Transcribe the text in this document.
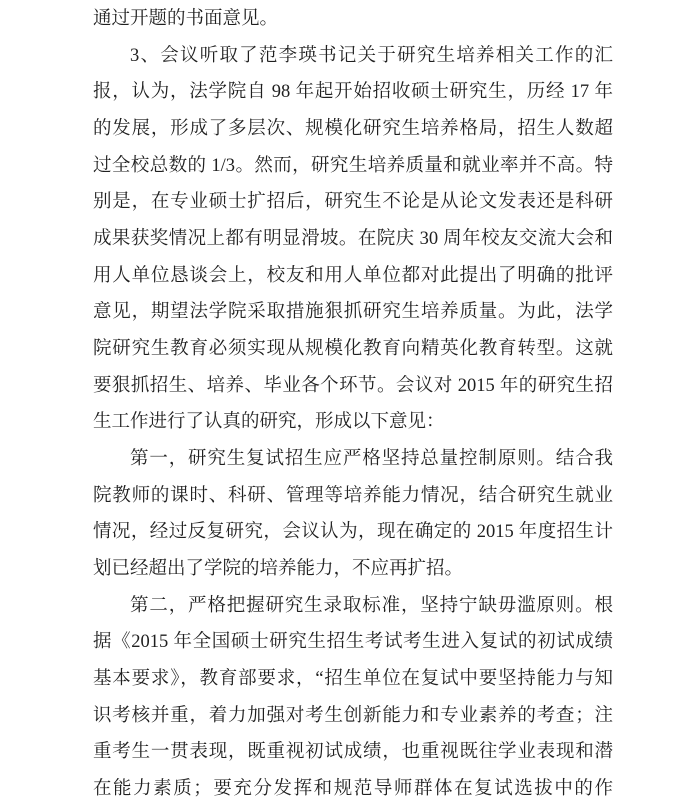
通过开题的书面意见。
3、会议听取了范李瑛书记关于研究生培养相关工作的汇
报，认为，法学院自 98 年起开始招收硕士研究生，历经 17 年
的发展，形成了多层次、规模化研究生培养格局，招生人数超
过全校总数的 1/3。然而，研究生培养质量和就业率并不高。特
别是，在专业硕士扩招后，研究生不论是从论文发表还是科研
成果获奖情况上都有明显滑坡。在院庆 30 周年校友交流大会和
用人单位恳谈会上，校友和用人单位都对此提出了明确的批评
意见，期望法学院采取措施狠抓研究生培养质量。为此，法学
院研究生教育必须实现从规模化教育向精英化教育转型。这就
要狠抓招生、培养、毕业各个环节。会议对 2015 年的研究生招
生工作进行了认真的研究，形成以下意见：
第一，研究生复试招生应严格坚持总量控制原则。结合我
院教师的课时、科研、管理等培养能力情况，结合研究生就业
情况，经过反复研究，会议认为，现在确定的 2015 年度招生计
划已经超出了学院的培养能力，不应再扩招。
第二，严格把握研究生录取标准，坚持宁缺毋滥原则。根
据《2015 年全国硕士研究生招生考试考生进入复试的初试成绩
基本要求》，教育部要求，“招生单位在复试中要坚持能力与知
识考核并重，着力加强对考生创新能力和专业素养的考查；注
重考生一贯表现，既重视初试成绩，也重视既往学业表现和潜
在能力素质；要充分发挥和规范导师群体在复试选拔中的作
